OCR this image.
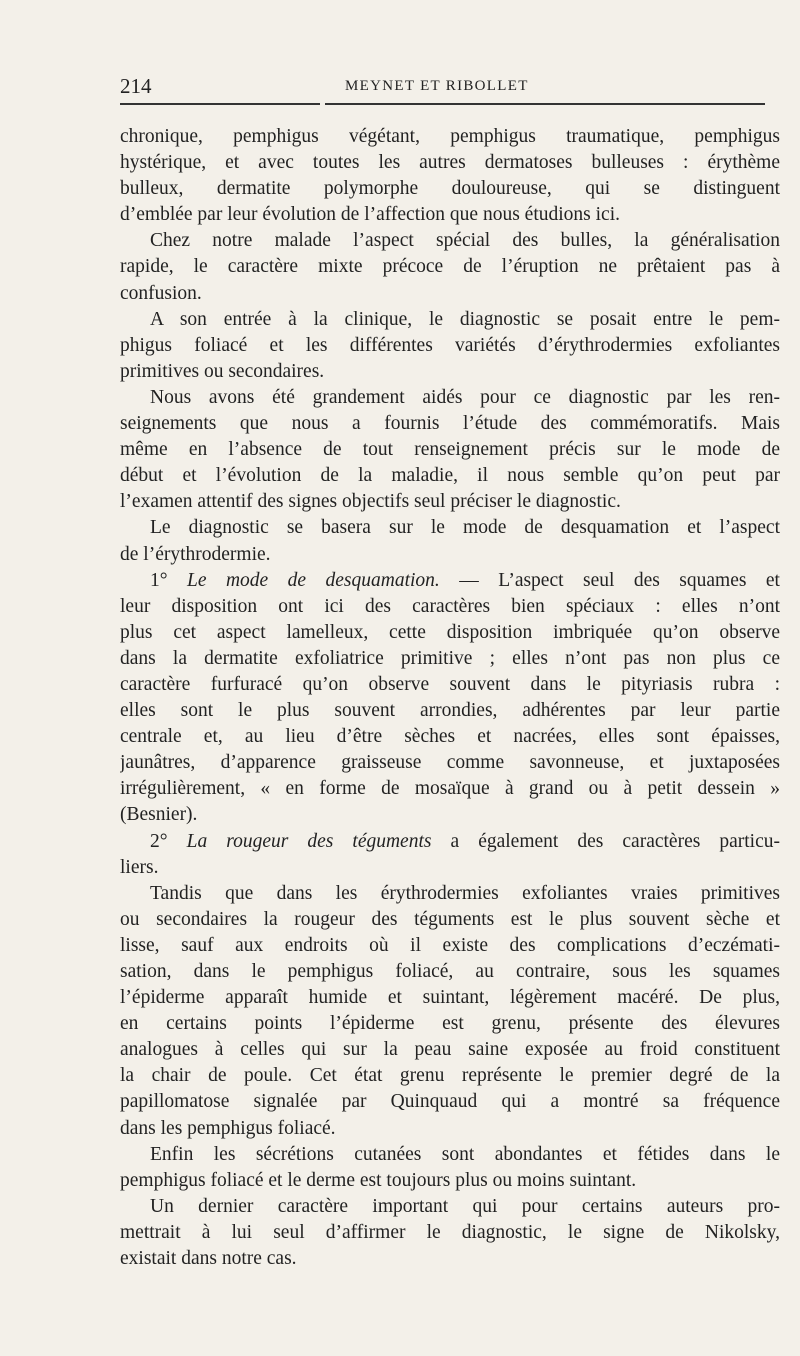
214	MEYNET ET RIBOLLET
chronique, pemphigus végétant, pemphigus traumatique, pemphigus
hystérique, et avec toutes les autres dermatoses bulleuses : érythème
bulleux, dermatite polymorphe douloureuse, qui se distinguent
d’emblée par leur évolution de l’affection que nous étudions ici.
Chez notre malade l’aspect spécial des bulles, la généralisation
rapide, le caractère mixte précoce de l’éruption ne prêtaient pas à
confusion.
A son entrée à la clinique, le diagnostic se posait entre le pem-
phigus foliacé et les différentes variétés d’érythrodermies exfoliantes
primitives ou secondaires.
Nous avons été grandement aidés pour ce diagnostic par les ren-
seignements que nous a fournis l’étude des commémoratifs. Mais
même en l’absence de tout renseignement précis sur le mode de
début et l’évolution de la maladie, il nous semble qu’on peut par
l’examen attentif des signes objectifs seul préciser le diagnostic.
Le diagnostic se basera sur le mode de desquamation et l’aspect
de l’érythrodermie.
1° Le mode de desquamation. — L’aspect seul des squames et
leur disposition ont ici des caractères bien spéciaux : elles n’ont
plus cet aspect lamelleux, cette disposition imbriquée qu’on observe
dans la dermatite exfoliatrice primitive ; elles n’ont pas non plus ce
caractère furfuracé qu’on observe souvent dans le pityriasis rubra :
elles sont le plus souvent arrondies, adhérentes par leur partie
centrale et, au lieu d’être sèches et nacrées, elles sont épaisses,
jaunâtres, d’apparence graisseuse comme savonneuse, et juxtaposées
irrégulièrement, « en forme de mosaïque à grand ou à petit dessein »
(Besnier).
2° La rougeur des téguments a également des caractères particu-
liers.
Tandis que dans les érythrodermies exfoliantes vraies primitives
ou secondaires la rougeur des téguments est le plus souvent sèche et
lisse, sauf aux endroits où il existe des complications d’eczémati-
sation, dans le pemphigus foliacé, au contraire, sous les squames
l’épiderme apparaît humide et suintant, légèrement macéré. De plus,
en certains points l’épiderme est grenu, présente des élevures
analogues à celles qui sur la peau saine exposée au froid constituent
la chair de poule. Cet état grenu représente le premier degré de la
papillomatose signalée par Quinquaud qui a montré sa fréquence
dans les pemphigus foliacé.
Enfin les sécrétions cutanées sont abondantes et fétides dans le
pemphigus foliacé et le derme est toujours plus ou moins suintant.
Un dernier caractère important qui pour certains auteurs pro-
mettrait à lui seul d’affirmer le diagnostic, le signe de Nikolsky,
existait dans notre cas.
